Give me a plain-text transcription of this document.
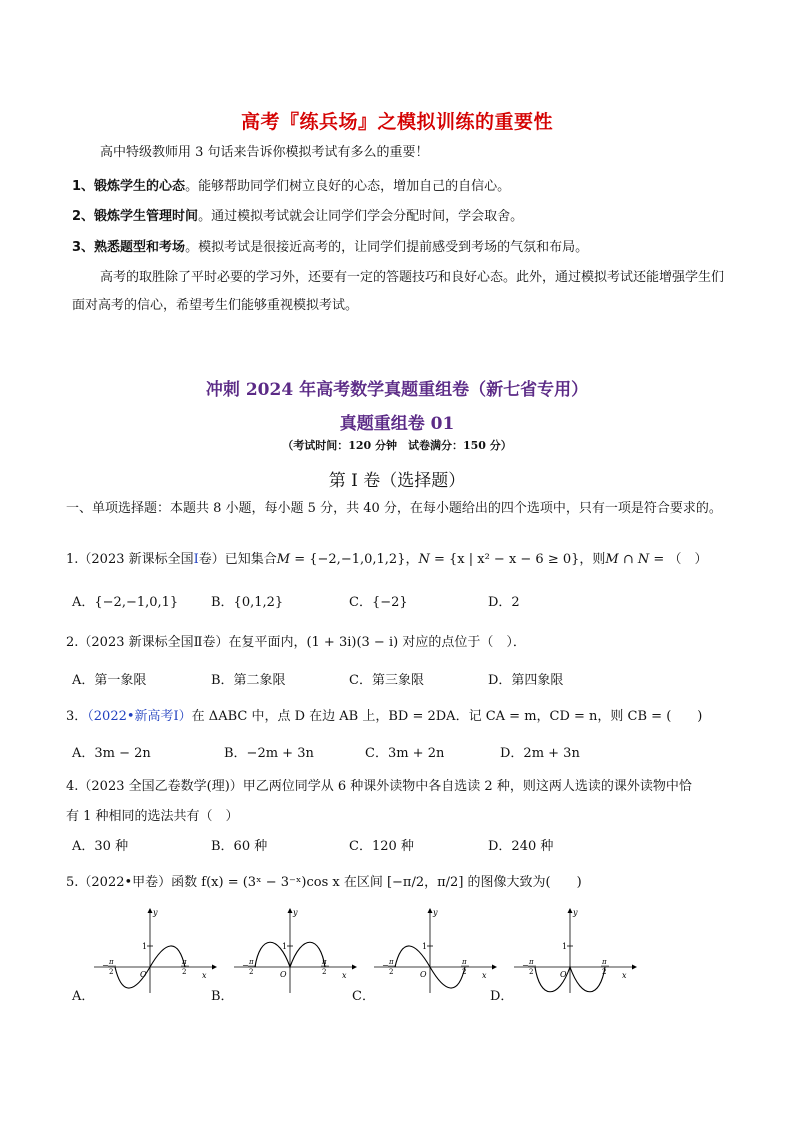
高考『练兵场』之模拟训练的重要性
高中特级教师用 3 句话来告诉你模拟考试有多么的重要！
1、锻炼学生的心态。能够帮助同学们树立良好的心态，增加自己的自信心。
2、锻炼学生管理时间。通过模拟考试就会让同学们学会分配时间，学会取舍。
3、熟悉题型和考场。模拟考试是很接近高考的，让同学们提前感受到考场的气氛和布局。
高考的取胜除了平时必要的学习外，还要有一定的答题技巧和良好心态。此外，通过模拟考试还能增强学生们面对高考的信心，希望考生们能够重视模拟考试。
冲刺 2024 年高考数学真题重组卷（新七省专用）
真题重组卷 01
（考试时间：120 分钟　试卷满分：150 分）
第 I 卷（选择题）
一、单项选择题：本题共 8 小题，每小题 5 分，共 40 分，在每小题给出的四个选项中，只有一项是符合要求的。
1.（2023 新课标全国Ⅰ卷）已知集合M = {−2,−1,0,1,2}，N = {x | x² − x − 6 ≥ 0}，则M ∩ N = （　）
A．{−2,−1,0,1}	B．{0,1,2}	C．{−2}	D．2
2.（2023 新课标全国Ⅱ卷）在复平面内，(1 + 3i)(3 − i) 对应的点位于（　）．
A．第一象限	B．第二象限	C．第三象限	D．第四象限
3．（2022•新高考Ⅰ）在 ΔABC 中，点 D 在边 AB 上，BD = 2DA．记 CA = m，CD = n，则 CB = (　　)
A．3m − 2n	B．−2m + 3n	C．3m + 2n	D．2m + 3n
4.（2023 全国乙卷数学(理)）甲乙两位同学从 6 种课外读物中各自选读 2 种，则这两人选读的课外读物中恰
有 1 种相同的选法共有（　）
A．30 种	B．60 种	C．120 种	D．240 种
5.（2022•甲卷）函数 f(x) = (3ˣ − 3⁻ˣ)cos x 在区间 [−π/2，π/2] 的图像大致为(　　)
A．	B．	C．	D．
1
y
x
O
− π
2
π
2
1
y
x
O
− π
2
π
2
1
y
x
O
− π
2
π
2
1
y
x
O
− π
2
π
2
